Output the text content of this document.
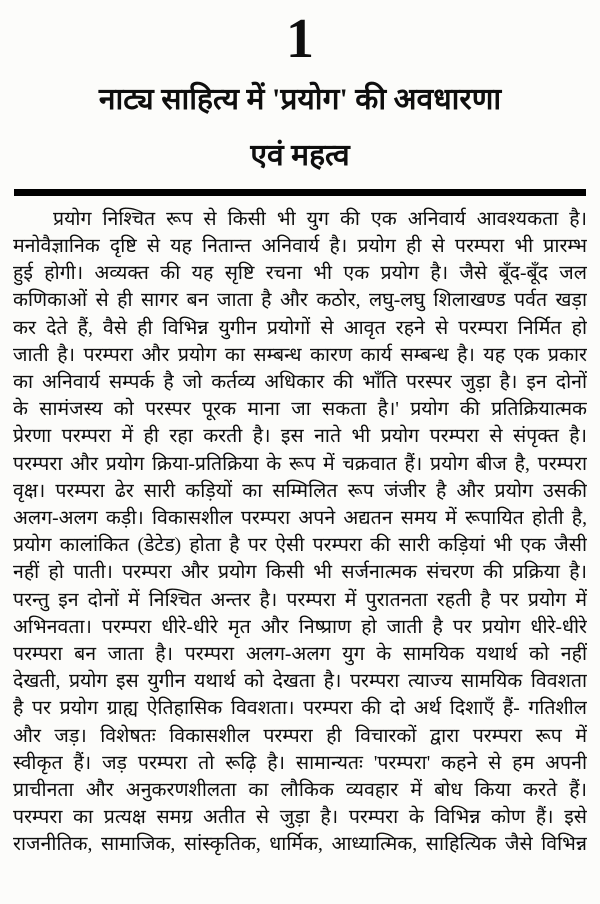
1
नाट्य साहित्य में 'प्रयोग' की अवधारणा
एवं महत्व
प्रयोग निश्चित रूप से किसी भी युग की एक अनिवार्य आवश्यकता है।
मनोवैज्ञानिक दृष्टि से यह नितान्त अनिवार्य है। प्रयोग ही से परम्परा भी प्रारम्भ
हुई होगी। अव्यक्त की यह सृष्टि रचना भी एक प्रयोग है। जैसे बूँद-बूँद जल
कणिकाओं से ही सागर बन जाता है और कठोर, लघु-लघु शिलाखण्ड पर्वत खड़ा
कर देते हैं, वैसे ही विभिन्न युगीन प्रयोगों से आवृत रहने से परम्परा निर्मित हो
जाती है। परम्परा और प्रयोग का सम्बन्ध कारण कार्य सम्बन्ध है। यह एक प्रकार
का अनिवार्य सम्पर्क है जो कर्तव्य अधिकार की भाँति परस्पर जुड़ा है। इन दोनों
के सामंजस्य को परस्पर पूरक माना जा सकता है।' प्रयोग की प्रतिक्रियात्मक
प्रेरणा परम्परा में ही रहा करती है। इस नाते भी प्रयोग परम्परा से संपृक्त है।
परम्परा और प्रयोग क्रिया-प्रतिक्रिया के रूप में चक्रवात हैं। प्रयोग बीज है, परम्परा
वृक्ष। परम्परा ढेर सारी कड़ियों का सम्मिलित रूप जंजीर है और प्रयोग उसकी
अलग-अलग कड़ी। विकासशील परम्परा अपने अद्यतन समय में रूपायित होती है,
प्रयोग कालांकित (डेटेड) होता है पर ऐसी परम्परा की सारी कड़ियां भी एक जैसी
नहीं हो पाती। परम्परा और प्रयोग किसी भी सर्जनात्मक संचरण की प्रक्रिया है।
परन्तु इन दोनों में निश्चित अन्तर है। परम्परा में पुरातनता रहती है पर प्रयोग में
अभिनवता। परम्परा धीरे-धीरे मृत और निष्प्राण हो जाती है पर प्रयोग धीरे-धीरे
परम्परा बन जाता है। परम्परा अलग-अलग युग के सामयिक यथार्थ को नहीं
देखती, प्रयोग इस युगीन यथार्थ को देखता है। परम्परा त्याज्य सामयिक विवशता
है पर प्रयोग ग्राह्य ऐतिहासिक विवशता। परम्परा की दो अर्थ दिशाएँ हैं- गतिशील
और जड़। विशेषतः विकासशील परम्परा ही विचारकों द्वारा परम्परा रूप में
स्वीकृत हैं। जड़ परम्परा तो रूढ़ि है। सामान्यतः 'परम्परा' कहने से हम अपनी
प्राचीनता और अनुकरणशीलता का लौकिक व्यवहार में बोध किया करते हैं।
परम्परा का प्रत्यक्ष समग्र अतीत से जुड़ा है। परम्परा के विभिन्न कोण हैं। इसे
राजनीतिक, सामाजिक, सांस्कृतिक, धार्मिक, आध्यात्मिक, साहित्यिक जैसे विभिन्न
